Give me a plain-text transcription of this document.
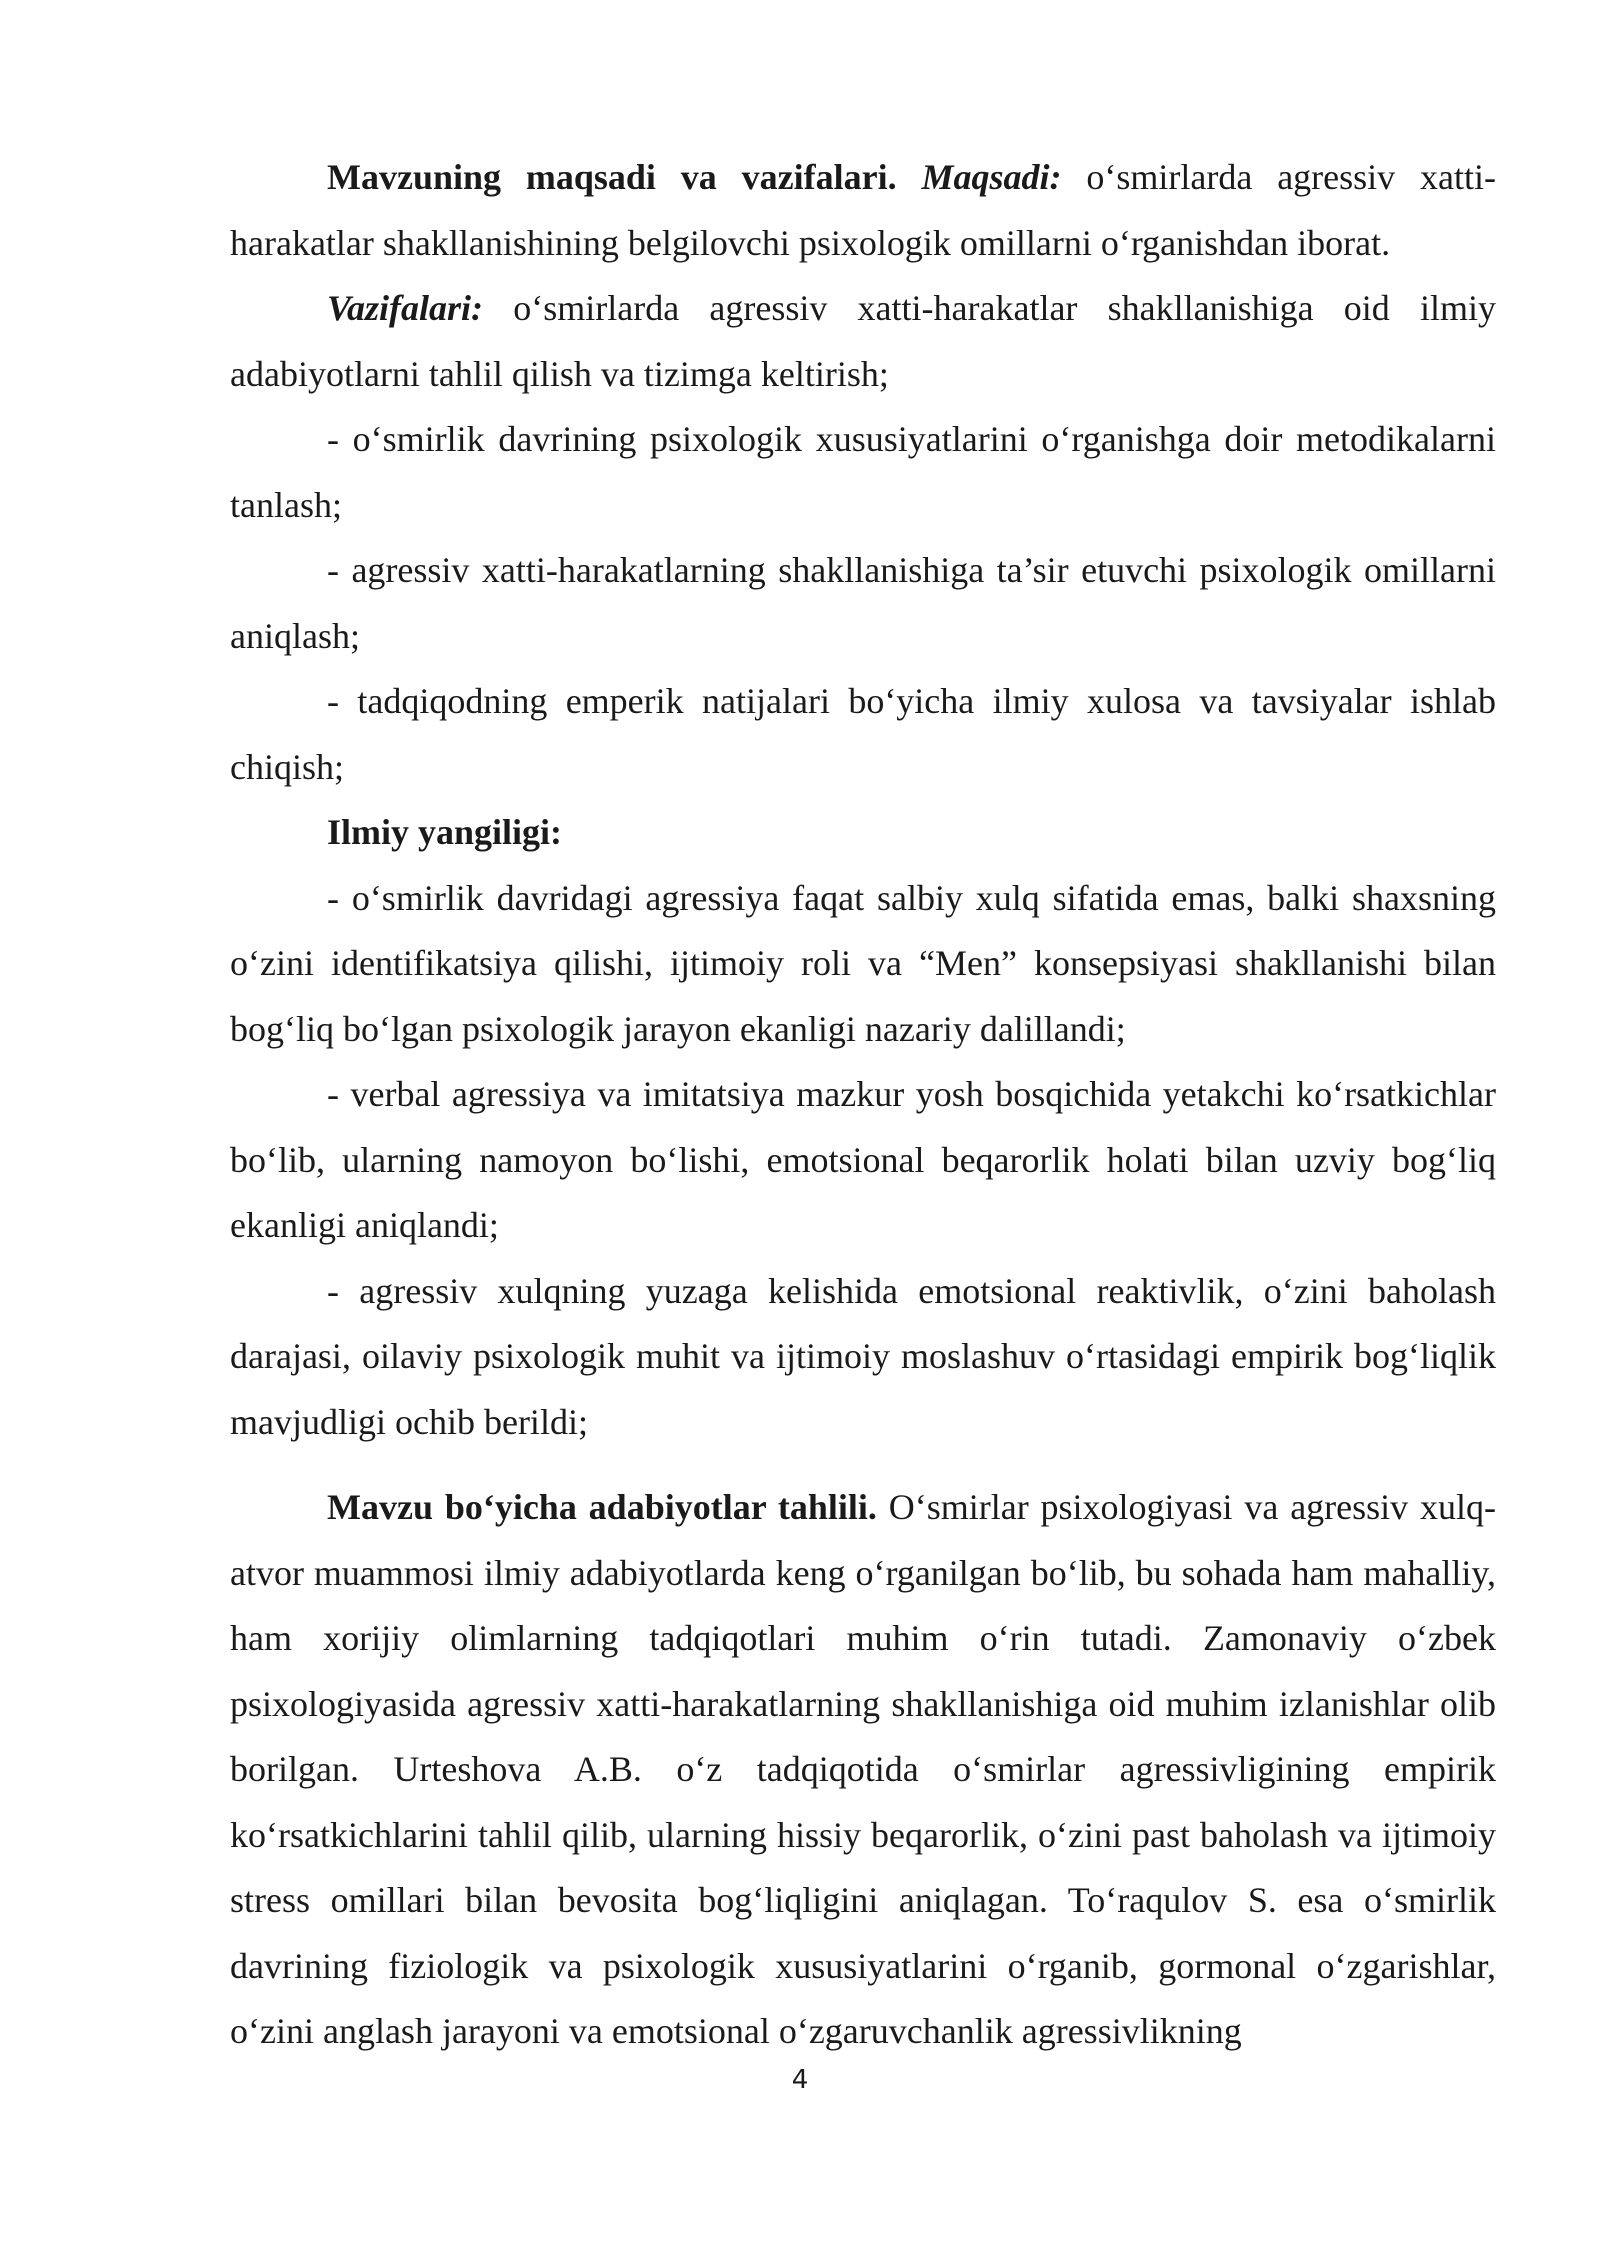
Mavzuning maqsadi va vazifalari. Maqsadi: o‘smirlarda agressiv xatti-harakatlar shakllanishining belgilovchi psixologik omillarni o‘rganishdan iborat.

Vazifalari: o‘smirlarda agressiv xatti-harakatlar shakllanishiga oid ilmiy adabiyotlarni tahlil qilish va tizimga keltirish;

- o‘smirlik davrining psixologik xususiyatlarini o‘rganishga doir metodikalarni tanlash;

- agressiv xatti-harakatlarning shakllanishiga ta’sir etuvchi psixologik omillarni aniqlash;

- tadqiqodning emperik natijalari bo‘yicha ilmiy xulosa va tavsiyalar ishlab chiqish;

Ilmiy yangiligi:

- o‘smirlik davridagi agressiya faqat salbiy xulq sifatida emas, balki shaxsning o‘zini identifikatsiya qilishi, ijtimoiy roli va “Men” konsepsiyasi shakllanishi bilan bog‘liq bo‘lgan psixologik jarayon ekanligi nazariy dalillandi;

- verbal agressiya va imitatsiya mazkur yosh bosqichida yetakchi ko‘rsatkichlar bo‘lib, ularning namoyon bo‘lishi, emotsional beqarorlik holati bilan uzviy bog‘liq ekanligi aniqlandi;

- agressiv xulqning yuzaga kelishida emotsional reaktivlik, o‘zini baholash darajasi, oilaviy psixologik muhit va ijtimoiy moslashuv o‘rtasidagi empirik bog‘liqlik mavjudligi ochib berildi;

Mavzu bo‘yicha adabiyotlar tahlili. O‘smirlar psixologiyasi va agressiv xulq-atvor muammosi ilmiy adabiyotlarda keng o‘rganilgan bo‘lib, bu sohada ham mahalliy, ham xorijiy olimlarning tadqiqotlari muhim o‘rin tutadi. Zamonaviy o‘zbek psixologiyasida agressiv xatti-harakatlarning shakllanishiga oid muhim izlanishlar olib borilgan. Urteshova A.B. o‘z tadqiqotida o‘smirlar agressivligining empirik ko‘rsatkichlarini tahlil qilib, ularning hissiy beqarorlik, o‘zini past baholash va ijtimoiy stress omillari bilan bevosita bog‘liqligini aniqlagan. To‘raqulov S. esa o‘smirlik davrining fiziologik va psixologik xususiyatlarini o‘rganib, gormonal o‘zgarishlar, o‘zini anglash jarayoni va emotsional o‘zgaruvchanlik agressivlikning

4
